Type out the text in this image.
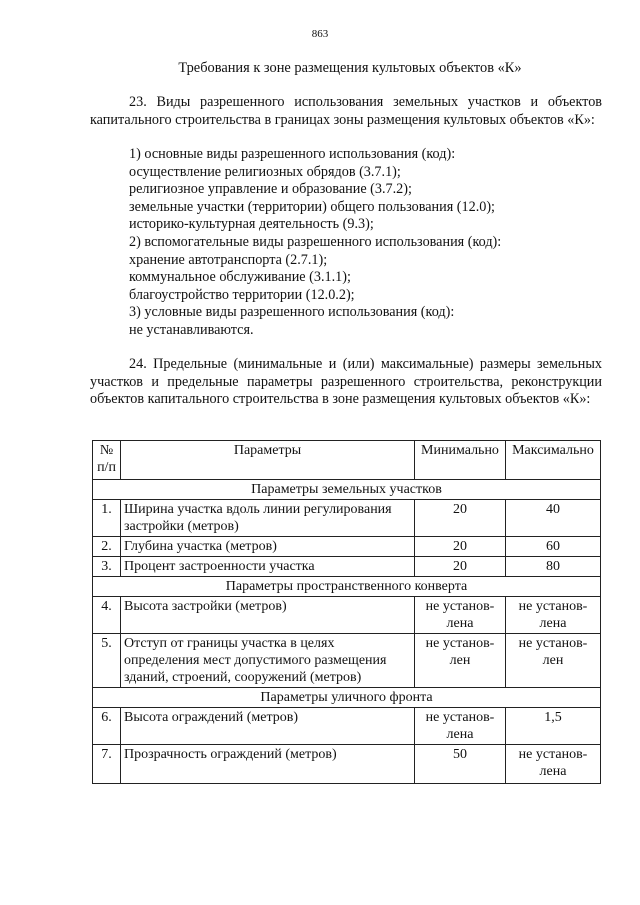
863
Требования к зоне размещения культовых объектов «К»
23. Виды разрешенного использования земельных участков и объектов капитального строительства в границах зоны размещения культовых объектов «К»:
1) основные виды разрешенного использования (код):
осуществление религиозных обрядов (3.7.1);
религиозное управление и образование (3.7.2);
земельные участки (территории) общего пользования (12.0);
историко-культурная деятельность (9.3);
2) вспомогательные виды разрешенного использования (код):
хранение автотранспорта (2.7.1);
коммунальное обслуживание (3.1.1);
благоустройство территории (12.0.2);
3) условные виды разрешенного использования (код):
не устанавливаются.
24. Предельные (минимальные и (или) максимальные) размеры земельных участков и предельные параметры разрешенного строительства, реконструкции объектов капитального строительства в зоне размещения культовых объектов «К»:
№ п/п	Параметры	Минимально	Максимально
Параметры земельных участков			
1.	Ширина участка вдоль линии регулирования застройки (метров)	20	40
2.	Глубина участка (метров)	20	60
3.	Процент застроенности участка	20	80
Параметры пространственного конверта			
4.	Высота застройки (метров)	не установ-лена	не установ-лена
5.	Отступ от границы участка в целях определения мест допустимого размещения зданий, строений, сооружений (метров)	не установ-лен	не установ-лен
Параметры уличного фронта			
6.	Высота ограждений (метров)	не установ-лена	1,5
7.	Прозрачность ограждений (метров)	50	не установ-лена
